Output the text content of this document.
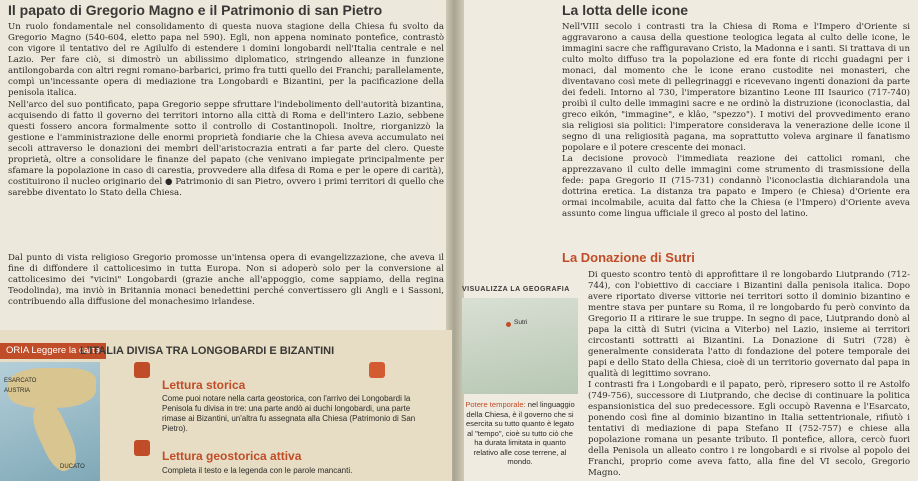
Il papato di Gregorio Magno e il Patrimonio di san Pietro
Un ruolo fondamentale nel consolidamento di questa nuova stagione della Chiesa fu svolto da Gregorio Magno (540-604, eletto papa nel 590). Egli, non appena nominato pontefice, contrastò con vigore il tentativo del re Agilulfo di estendere i domini longobardi nell'Italia centrale e nel Lazio. Per fare ciò, si dimostrò un abilissimo diplomatico, stringendo alleanze in funzione antilongobarda con altri regni romano-barbarici, primo fra tutti quello dei Franchi; parallelamente, compì un'incessante opera di mediazione tra Longobardi e Bizantini, per la pacificazione della penisola italica.
Nell'arco del suo pontificato, papa Gregorio seppe sfruttare l'indebolimento dell'autorità bizantina, acquisendo di fatto il governo dei territori intorno alla città di Roma e dell'intero Lazio, sebbene questi fossero ancora formalmente sotto il controllo di Costantinopoli. Inoltre, riorganizzò la gestione e l'amministrazione delle enormi proprietà fondiarie che la Chiesa aveva accumulato nei secoli attraverso le donazioni dei membri dell'aristocrazia entrati a far parte del clero. Queste proprietà, oltre a consolidare le finanze del papato (che venivano impiegate principalmente per sfamare la popolazione in caso di carestia, provvedere alla difesa di Roma e per le opere di carità), costituirono il nucleo originario del ● Patrimonio di san Pietro, ovvero i primi territori di quello che sarebbe diventato lo Stato della Chiesa.
Dal punto di vista religioso Gregorio promosse un'intensa opera di evangelizzazione, che aveva il fine di diffondere il cattolicesimo in tutta Europa. Non si adoperò solo per la conversione al cattolicesimo dei "vicini" Longobardi (grazie anche all'appoggio, come sappiamo, della regina Teodolinda), ma inviò in Britannia monaci benedettini perché convertissero gli Angli e i Sassoni, contribuendo alla diffusione del monachesimo irlandese.
ORIA Leggere la carta
L'ITALIA DIVISA TRA LONGOBARDI E BIZANTINI
ESARCATO
AUSTRIA
DUCATO
Lettura storica
Come puoi notare nella carta geostorica, con l'arrivo dei Longobardi la Penisola fu divisa in tre: una parte andò ai duchi longobardi, una parte rimase ai Bizantini, un'altra fu assegnata alla Chiesa (Patrimonio di San Pietro).
Lettura geostorica attiva
Completa il testo e la legenda con le parole mancanti.
La lotta delle icone
Nell'VIII secolo i contrasti tra la Chiesa di Roma e l'Impero d'Oriente si aggravarono a causa della questione teologica legata al culto delle icone, le immagini sacre che raffiguravano Cristo, la Madonna e i santi. Si trattava di un culto molto diffuso tra la popolazione ed era fonte di ricchi guadagni per i monaci, dal momento che le icone erano custodite nei monasteri, che diventavano così mete di pellegrinaggi e ricevevano ingenti donazioni da parte dei fedeli. Intorno al 730, l'imperatore bizantino Leone III Isaurico (717-740) proibì il culto delle immagini sacre e ne ordinò la distruzione (iconoclastia, dal greco eikón, "immagine", e klâo, "spezzo"). I motivi del provvedimento erano sia religiosi sia politici: l'imperatore considerava la venerazione delle icone il segno di una religiosità pagana, ma soprattutto voleva arginare il fanatismo popolare e il potere crescente dei monaci.
La decisione provocò l'immediata reazione dei cattolici romani, che apprezzavano il culto delle immagini come strumento di trasmissione della fede: papa Gregorio II (715-731) condannò l'iconoclastia dichiarandola una dottrina eretica. La distanza tra papato e Impero (e Chiesa) d'Oriente era ormai incolmabile, acuita dal fatto che la Chiesa (e l'Impero) d'Oriente aveva assunto come lingua ufficiale il greco al posto del latino.
La Donazione di Sutri
Di questo scontro tentò di approfittare il re longobardo Liutprando (712-744), con l'obiettivo di cacciare i Bizantini dalla penisola italica. Dopo avere riportato diverse vittorie nei territori sotto il dominio bizantino e mentre stava per puntare su Roma, il re longobardo fu però convinto da Gregorio II a ritirare le sue truppe. In segno di pace, Liutprando donò al papa la città di Sutri (vicina a Viterbo) nel Lazio, insieme ai territori circostanti sottratti ai Bizantini. La Donazione di Sutri (728) è generalmente considerata l'atto di fondazione del potere temporale dei papi e dello Stato della Chiesa, cioè di un territorio governato dal papa in qualità di legittimo sovrano.
I contrasti fra i Longobardi e il papato, però, ripresero sotto il re Astolfo (749-756), successore di Liutprando, che decise di continuare la politica espansionistica del suo predecessore. Egli occupò Ravenna e l'Esarcato, ponendo così fine al dominio bizantino in Italia settentrionale, rifiutò i tentativi di mediazione di papa Stefano II (752-757) e chiese alla popolazione romana un pesante tributo. Il pontefice, allora, cercò fuori della Penisola un alleato contro i re longobardi e si rivolse al popolo dei Franchi, proprio come aveva fatto, alla fine del VI secolo, Gregorio Magno.
VISUALIZZA LA GEOGRAFIA
Sutri
Potere temporale: nel linguaggio della Chiesa, è il governo che si esercita su tutto quanto è legato al "tempo", cioè su tutto ciò che ha durata limitata in quanto relativo alle cose terrene, al mondo.
